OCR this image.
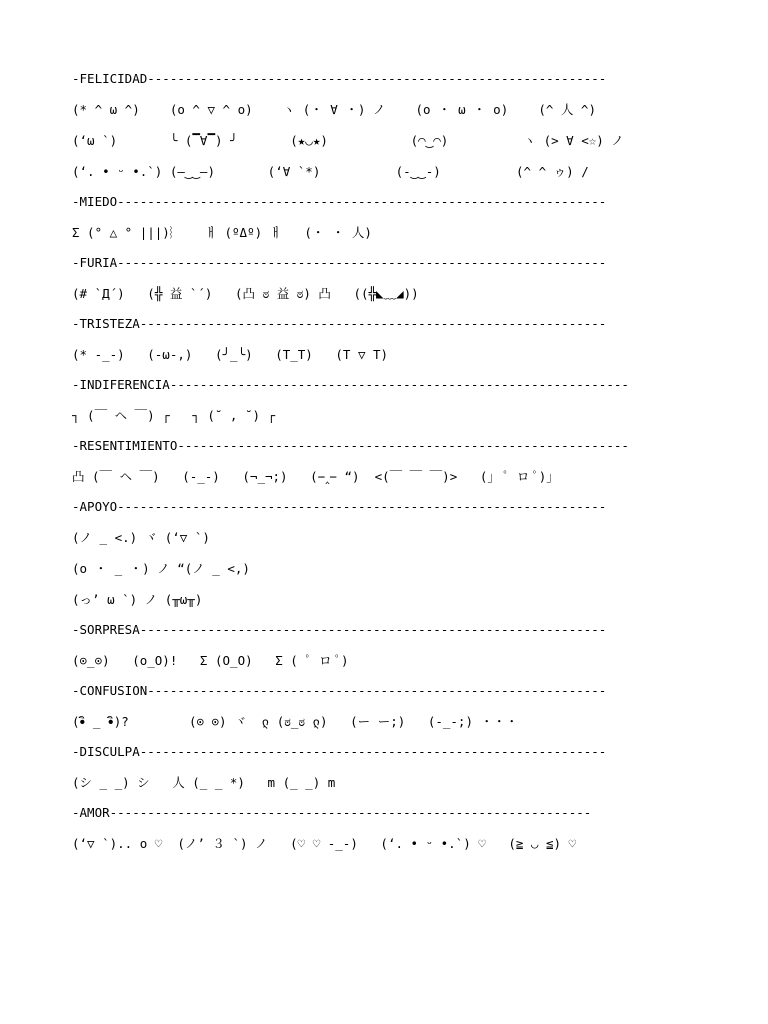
-FELICIDAD-------------------------------------------------------------
(* ^ ω ^)    (o ^ ▽ ^ o)    ヽ (・ ∀ ・) ノ    (o ・ ω ・ o)    (^ 人 ^)
(ʻω `)       ╰ (▔∀▔) ╯       (★◡★)           (◠‿◠)          ヽ (> ∀ <☆) ノ
(ʻ. • ᵕ •.`) (–‿‿–)       (ʻ∀ `*)          (-‿‿-)          (^ ^ ゥ) /
-MIEDO-----------------------------------------------------------------
Σ (° △ ° |||)︴   ㅐ (ºΔº) ㅐ   (・ ・ 人)
-FURIA-----------------------------------------------------------------
(# `Д´)   (╬ 益 `´)   (凸 ಠ 益 ಠ) 凸   ((╬◣﹏◢))
-TRISTEZA--------------------------------------------------------------
(* -_-)   (-ω-,)   (╯_╰)   (T_T)   (T ▽ T)
-INDIFERENCIA-------------------------------------------------------------
┐ (￣ ヘ ￣) ┌   ┐ (˘ , ˘) ┌
-RESENTIMIENTO------------------------------------------------------------
凸 (￣ ヘ ￣)   (-_-)   (¬_¬;)   (−‸− “)  <(￣ ￣ ￣)>   (」 ﾟ ロ ﾟ)」
-APOYO-----------------------------------------------------------------
(ノ _ <.) ヾ (ʻ▽ `)
(o ・ _ ・) ノ “(ノ _ <,)
(っ’ ω `) ノ (╥ω╥)
-SORPRESA--------------------------------------------------------------
(⊙_⊙)   (o_O)!   Σ (O_O)   Σ ( ﾟ ロ ﾟ)
-CONFUSION-------------------------------------------------------------
(•ิ _ •ิ)?        (⊙ ⊙) ヾ  ლ (ಠ_ಠ ლ)   (ー ー;)   (-_-;) ・・・
-DISCULPA--------------------------------------------------------------
(シ _ _) シ   人 (_ _ *)   m (_ _) m
-AMOR----------------------------------------------------------------
(ʻ▽ `).. o ♡  (ノ’ ３ `) ノ   (♡ ♡ -_-)   (ʻ. • ᵕ •.`) ♡   (≧ ◡ ≦) ♡
